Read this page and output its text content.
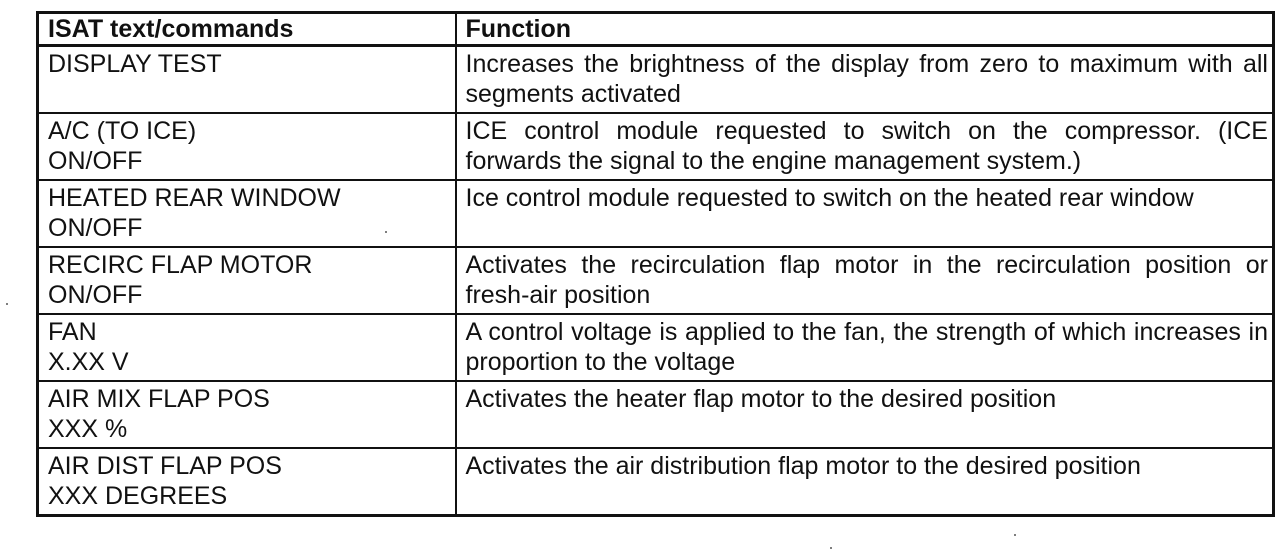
ISAT text/commands	Function

DISPLAY TEST	Increases the brightness of the display from zero to maximum with all segments activated

A/C (TO ICE)
ON/OFF	ICE control module requested to switch on the compressor. (ICE forwards the signal to the engine management system.)

HEATED REAR WINDOW
ON/OFF	Ice control module requested to switch on the heated rear window

RECIRC FLAP MOTOR
ON/OFF	Activates the recirculation flap motor in the recirculation position or fresh-air position

FAN
X.XX V	A control voltage is applied to the fan, the strength of which increases in proportion to the voltage

AIR MIX FLAP POS
XXX %	Activates the heater flap motor to the desired position

AIR DIST FLAP POS
XXX DEGREES	Activates the air distribution flap motor to the desired position
